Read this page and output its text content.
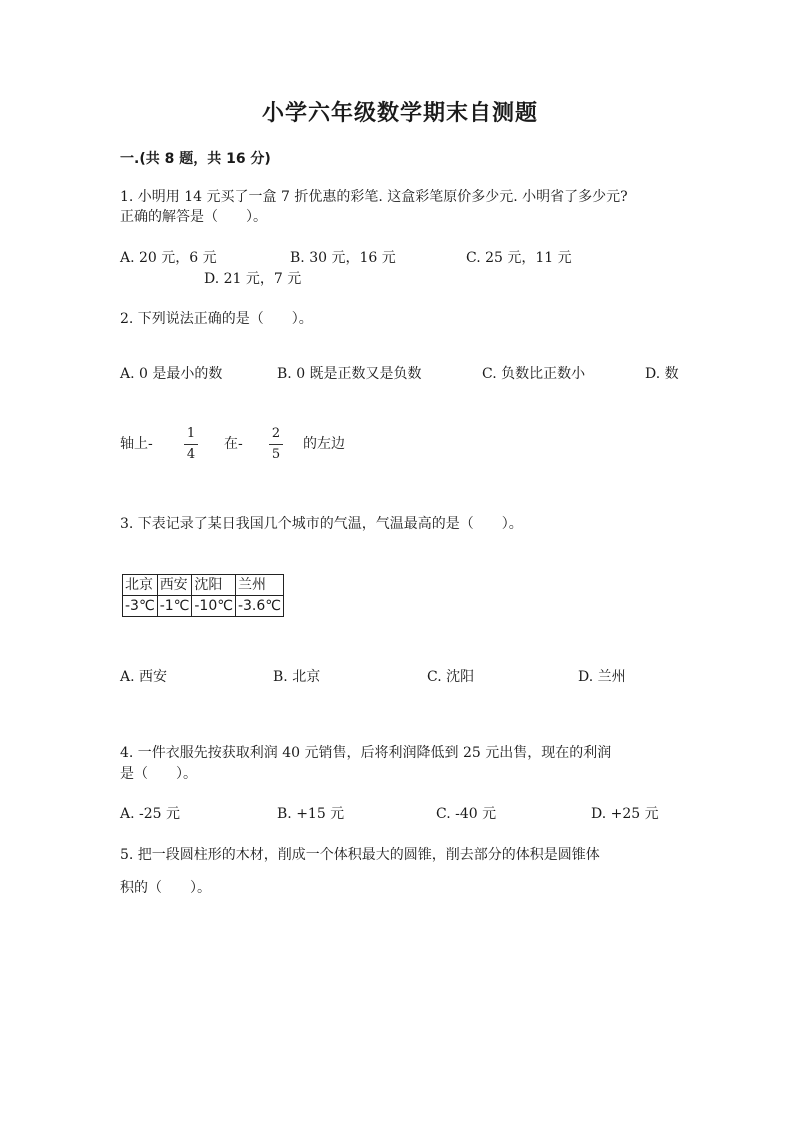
小学六年级数学期末自测题
一.(共 8 题，共 16 分)
1. 小明用 14 元买了一盒 7 折优惠的彩笔. 这盒彩笔原价多少元. 小明省了多少元?
正确的解答是（　　）。
A. 20 元，6 元	B. 30 元，16 元	C. 25 元，11 元
D. 21 元，7 元
2. 下列说法正确的是（　　）。
A. 0 是最小的数	B. 0 既是正数又是负数	C. 负数比正数小	D. 数
轴上-
1
4
在-
2
5
的左边
3. 下表记录了某日我国几个城市的气温，气温最高的是（　　）。
北京	西安	沈阳	兰州
-3℃	-1℃	-10℃	-3.6℃
A. 西安	B. 北京	C. 沈阳	D. 兰州
4. 一件衣服先按获取利润 40 元销售，后将利润降低到 25 元出售，现在的利润
是（　　）。
A. -25 元	B. +15 元	C. -40 元	D. +25 元
5. 把一段圆柱形的木材，削成一个体积最大的圆锥，削去部分的体积是圆锥体
积的（　　）。
